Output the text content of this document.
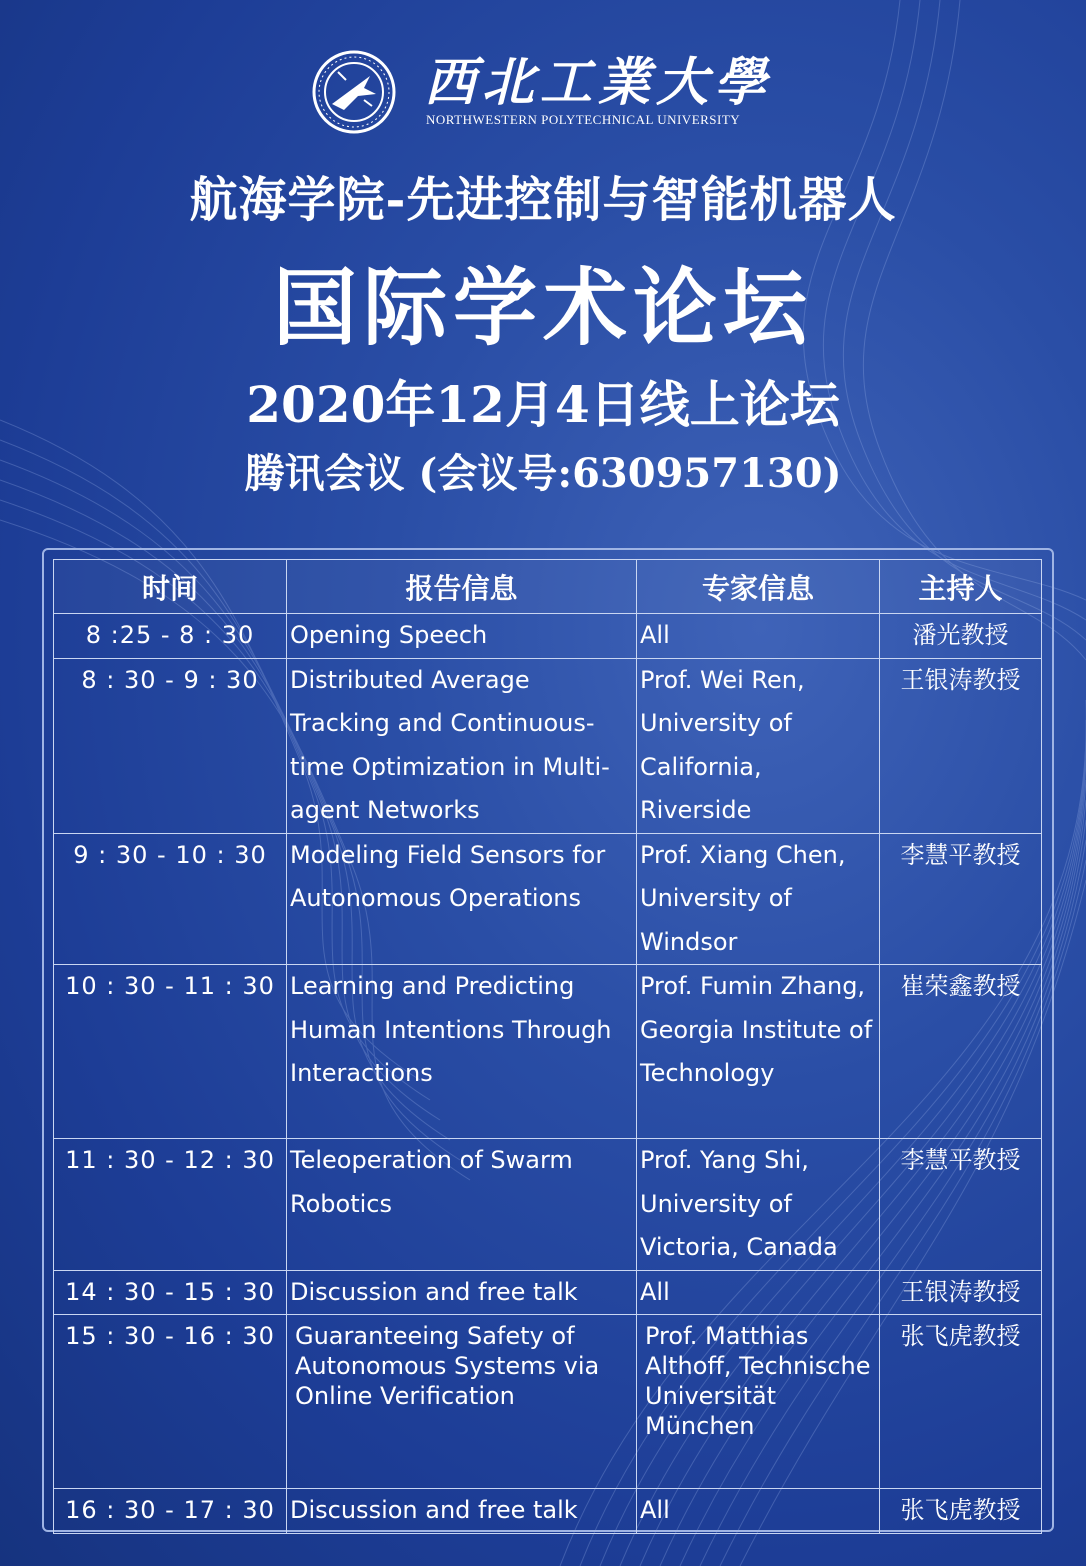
西北工業大學
NORTHWESTERN POLYTECHNICAL UNIVERSITY
航海学院-先进控制与智能机器人
国际学术论坛
2020年12月4日线上论坛
腾讯会议 (会议号:630957130)
时间	报告信息	专家信息	主持人
8 :25 - 8 : 30	Opening Speech	All	潘光教授
8 : 30 - 9 : 30	Distributed Average Tracking and Continuous-time Optimization in Multi-agent Networks	Prof. Wei Ren, University of California, Riverside	王银涛教授
9 : 30 - 10 : 30	Modeling Field Sensors for Autonomous Operations	Prof. Xiang Chen, University of Windsor	李慧平教授
10 : 30 - 11 : 30	Learning and Predicting Human Intentions Through Interactions	Prof. Fumin Zhang, Georgia Institute of Technology	崔荣鑫教授
11 : 30 - 12 : 30	Teleoperation of Swarm Robotics	Prof. Yang Shi, University of Victoria, Canada	李慧平教授
14 : 30 - 15 : 30	Discussion and free talk	All	王银涛教授
15 : 30 - 16 : 30	Guaranteeing Safety of Autonomous Systems via Online Verification	Prof. Matthias Althoff, Technische Universität München	张飞虎教授
16 : 30 - 17 : 30	Discussion and free talk	All	张飞虎教授
